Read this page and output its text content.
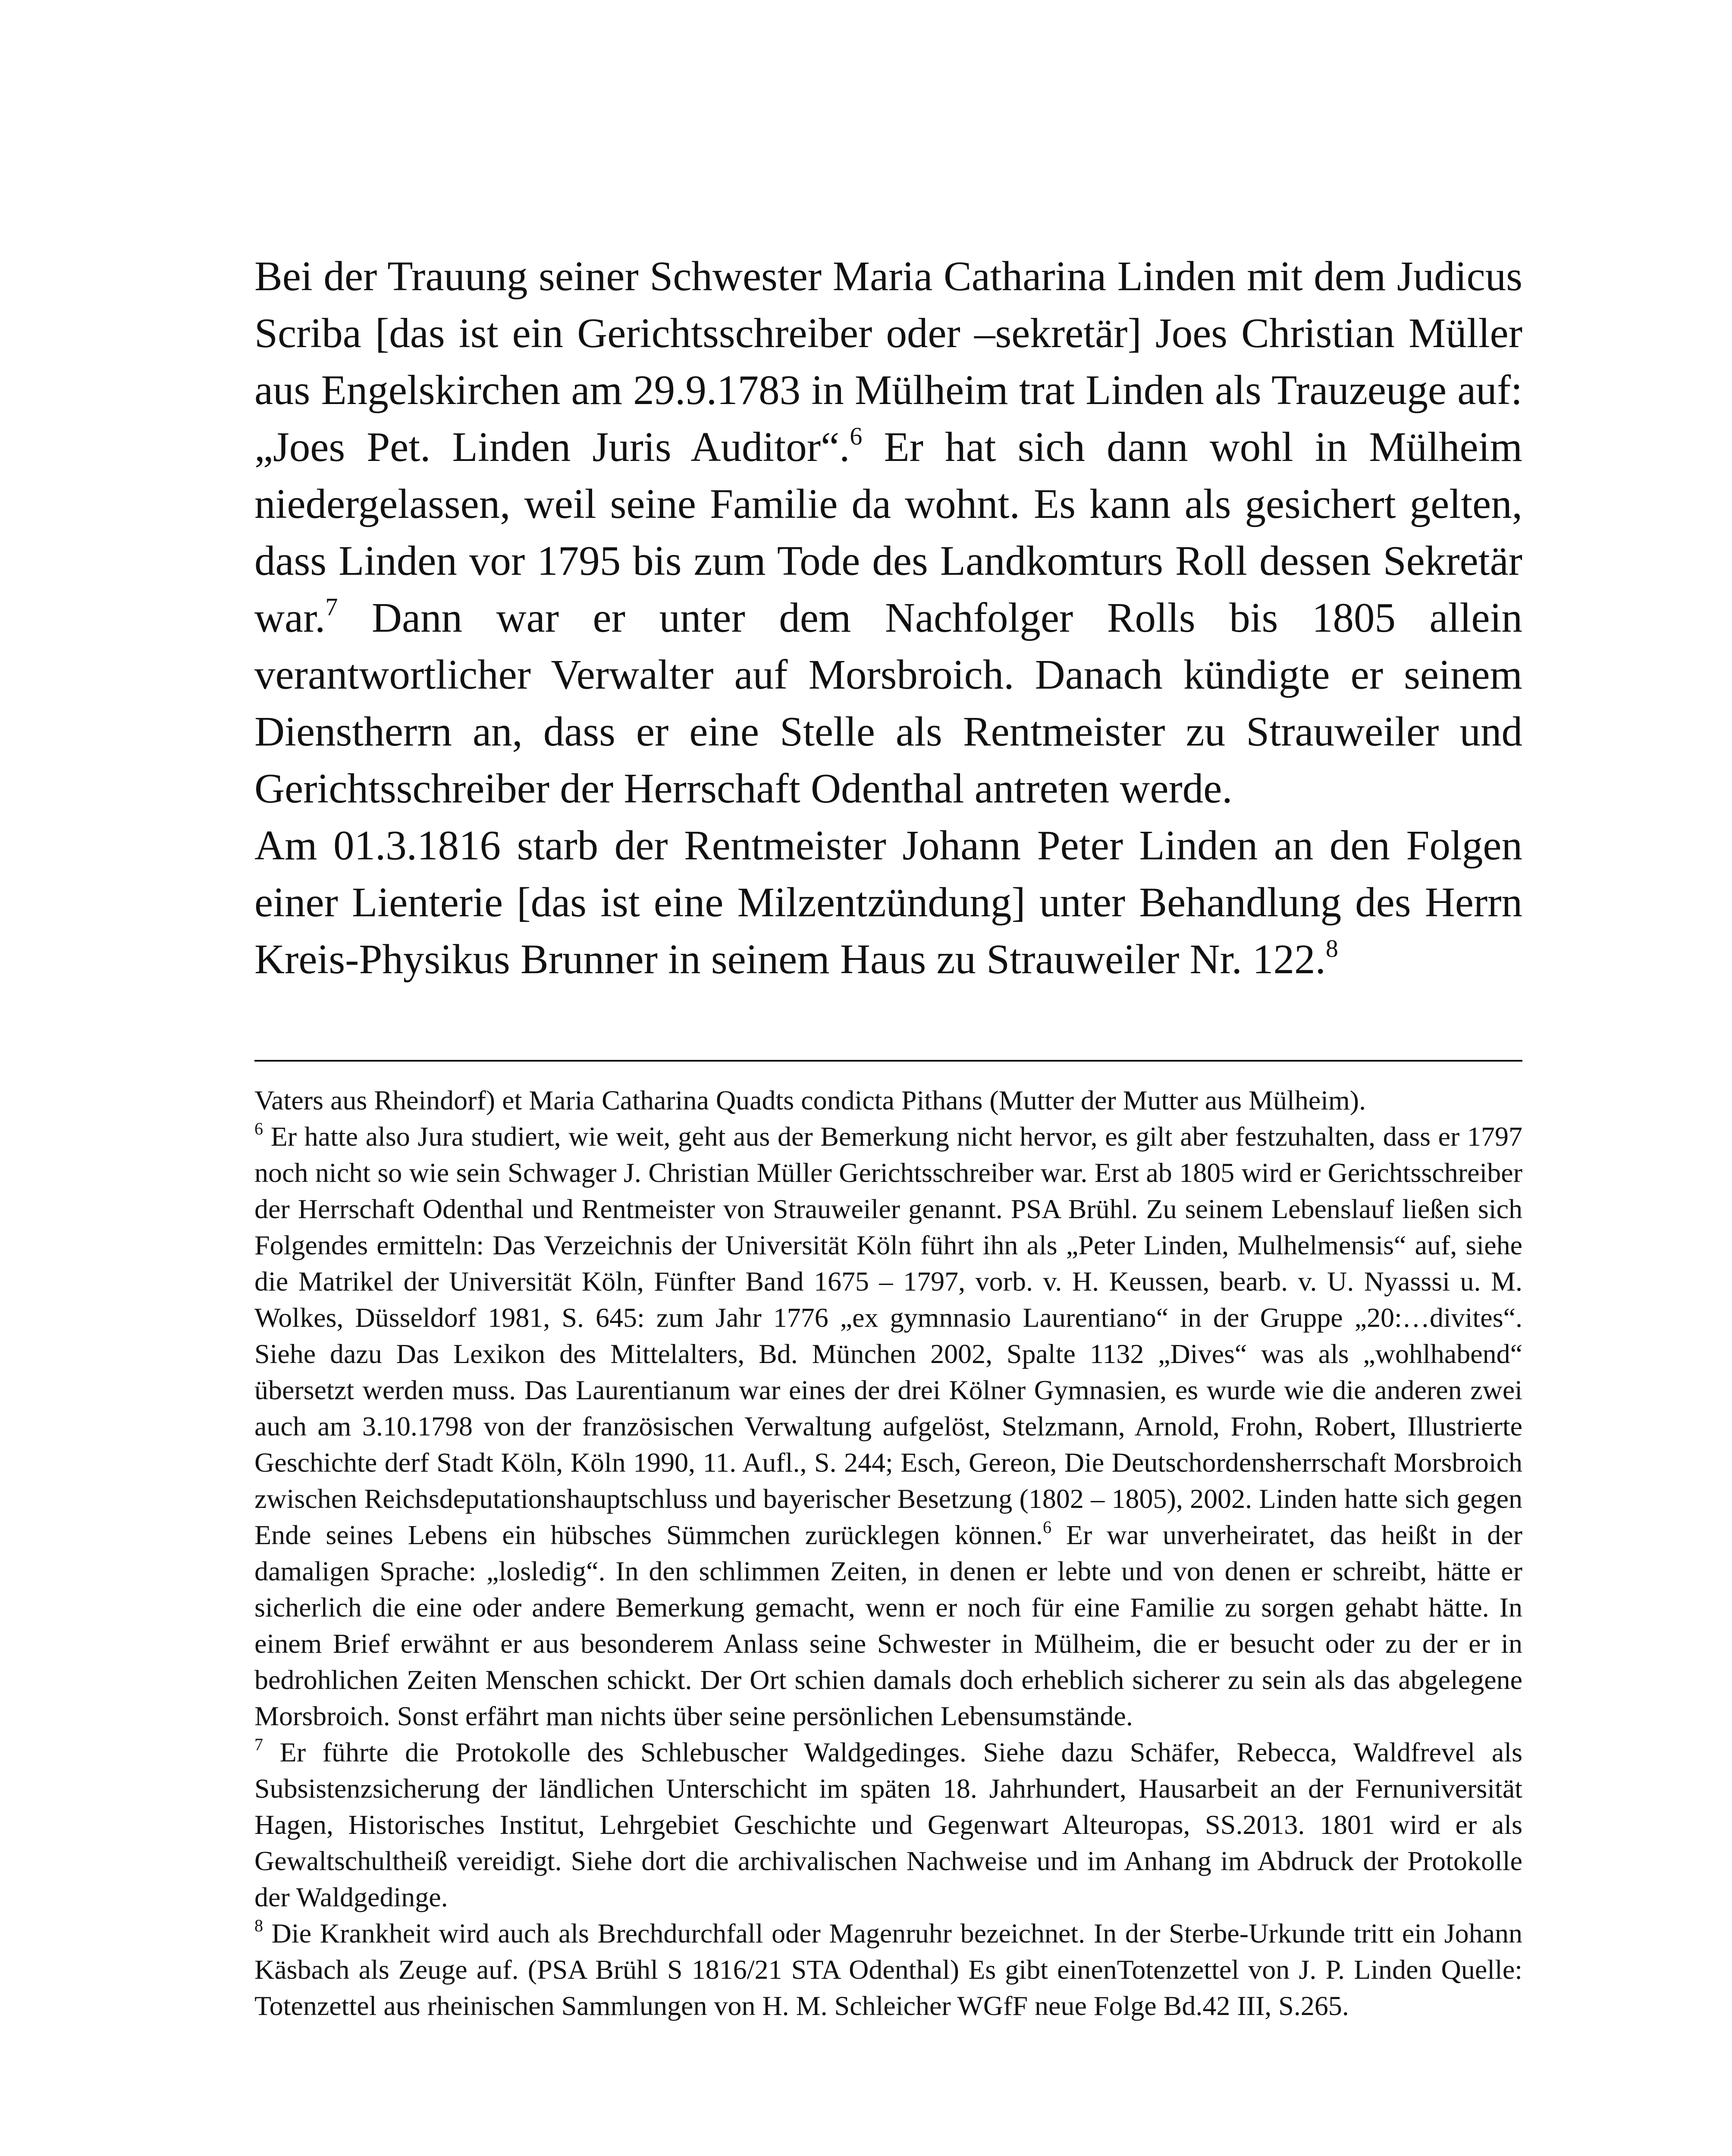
Bei der Trauung seiner Schwester Maria Catharina Linden mit dem Judicus Scriba [das ist ein Gerichtsschreiber oder –sekretär] Joes Christian Müller aus Engelskirchen am 29.9.1783 in Mülheim trat Linden als Trauzeuge auf: „Joes Pet. Linden Juris Auditor“.$^6$ Er hat sich dann wohl in Mülheim niedergelassen, weil seine Familie da wohnt. Es kann als gesichert gelten, dass Linden vor 1795 bis zum Tode des Landkomturs Roll dessen Sekretär war.$^7$ Dann war er unter dem Nachfolger Rolls bis 1805 allein verantwortlicher Verwalter auf Morsbroich. Danach kündigte er seinem Dienstherrn an, dass er eine Stelle als Rentmeister zu Strauweiler und Gerichtsschreiber der Herrschaft Odenthal antreten werde.

Am 01.3.1816 starb der Rentmeister Johann Peter Linden an den Folgen einer Lienterie [das ist eine Milzentzündung] unter Behandlung des Herrn Kreis-Physikus Brunner in seinem Haus zu Strauweiler Nr. 122.$^8$

Vaters aus Rheindorf) et Maria Catharina Quadts condicta Pithans (Mutter der Mutter aus Mülheim).

$^6$ Er hatte also Jura studiert, wie weit, geht aus der Bemerkung nicht hervor, es gilt aber festzuhalten, dass er 1797 noch nicht so wie sein Schwager J. Christian Müller Gerichtsschreiber war. Erst ab 1805 wird er Gerichtsschreiber der Herrschaft Odenthal und Rentmeister von Strauweiler genannt. PSA Brühl. Zu seinem Lebenslauf ließen sich Folgendes ermitteln: Das Verzeichnis der Universität Köln führt ihn als „Peter Linden, Mulhelmensis“ auf, siehe die Matrikel der Universität Köln, Fünfter Band 1675 – 1797, vorb. v. H. Keussen, bearb. v. U. Nyasssi u. M. Wolkes, Düsseldorf 1981, S. 645: zum Jahr 1776 „ex gymnnasio Laurentiano“ in der Gruppe „20:…divites“. Siehe dazu Das Lexikon des Mittelalters, Bd. München 2002, Spalte 1132 „Dives“ was als „wohlhabend“ übersetzt werden muss. Das Laurentianum war eines der drei Kölner Gymnasien, es wurde wie die anderen zwei auch am 3.10.1798 von der französischen Verwaltung aufgelöst, Stelzmann, Arnold, Frohn, Robert, Illustrierte Geschichte derf Stadt Köln, Köln 1990, 11. Aufl., S. 244; Esch, Gereon, Die Deutschordensherrschaft Morsbroich zwischen Reichsdeputationshauptschluss und bayerischer Besetzung (1802 – 1805), 2002. Linden hatte sich gegen Ende seines Lebens ein hübsches Sümmchen zurücklegen können.$^6$ Er war unverheiratet, das heißt in der damaligen Sprache: „losledig“. In den schlimmen Zeiten, in denen er lebte und von denen er schreibt, hätte er sicherlich die eine oder andere Bemerkung gemacht, wenn er noch für eine Familie zu sorgen gehabt hätte. In einem Brief erwähnt er aus besonderem Anlass seine Schwester in Mülheim, die er besucht oder zu der er in bedrohlichen Zeiten Menschen schickt. Der Ort schien damals doch erheblich sicherer zu sein als das abgelegene Morsbroich. Sonst erfährt man nichts über seine persönlichen Lebensumstände.

$^7$ Er führte die Protokolle des Schlebuscher Waldgedinges. Siehe dazu Schäfer, Rebecca, Waldfrevel als Subsistenzsicherung der ländlichen Unterschicht im späten 18. Jahrhundert, Hausarbeit an der Fernuniversität Hagen, Historisches Institut, Lehrgebiet Geschichte und Gegenwart Alteuropas, SS.2013. 1801 wird er als Gewaltschultheiß vereidigt. Siehe dort die archivalischen Nachweise und im Anhang im Abdruck der Protokolle der Waldgedinge.

$^8$ Die Krankheit wird auch als Brechdurchfall oder Magenruhr bezeichnet. In der Sterbe-Urkunde tritt ein Johann Käsbach als Zeuge auf. (PSA Brühl S 1816/21 STA Odenthal) Es gibt einenTotenzettel von J. P. Linden Quelle: Totenzettel aus rheinischen Sammlungen von H. M. Schleicher WGfF neue Folge Bd.42 III, S.265.
